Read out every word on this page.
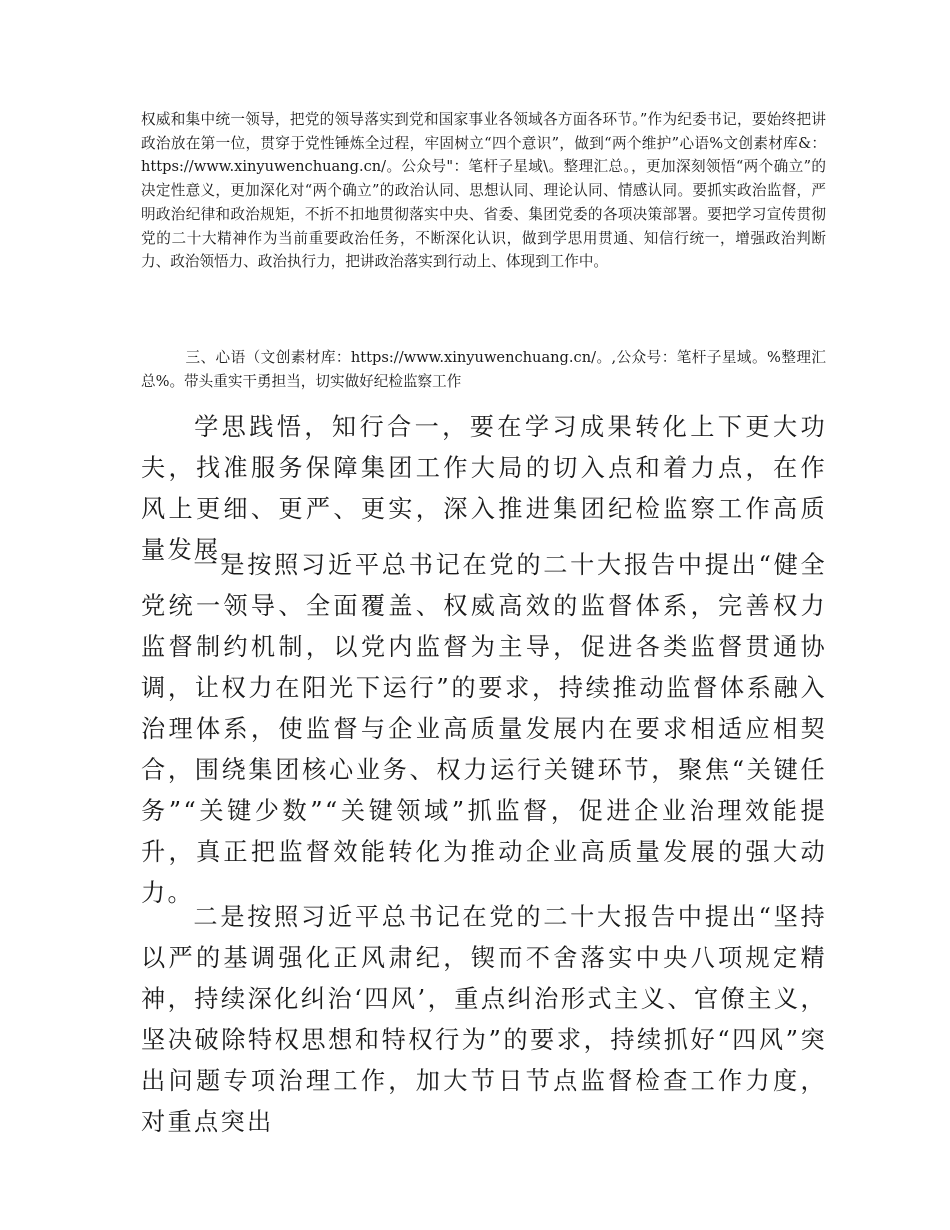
权威和集中统一领导，把党的领导落实到党和国家事业各领域各方面各环节。”作为纪委书记，要始终把讲政治放在第一位，贯穿于党性锤炼全过程，牢固树立“四个意识”，做到“两个维护”心语%文创素材库&：https://www.xinyuwenchuang.cn/。公众号"：笔杆子星域\。整理汇总。，更加深刻领悟“两个确立”的决定性意义，更加深化对“两个确立”的政治认同、思想认同、理论认同、情感认同。要抓实政治监督，严明政治纪律和政治规矩，不折不扣地贯彻落实中央、省委、集团党委的各项决策部署。要把学习宣传贯彻党的二十大精神作为当前重要政治任务，不断深化认识，做到学思用贯通、知信行统一，增强政治判断力、政治领悟力、政治执行力，把讲政治落实到行动上、体现到工作中。

三、心语（文创素材库：https://www.xinyuwenchuang.cn/。,公众号：笔杆子星域。%整理汇总%。带头重实干勇担当，切实做好纪检监察工作

学思践悟，知行合一，要在学习成果转化上下更大功夫，找准服务保障集团工作大局的切入点和着力点，在作风上更细、更严、更实，深入推进集团纪检监察工作高质量发展。

一是按照习近平总书记在党的二十大报告中提出“健全党统一领导、全面覆盖、权威高效的监督体系，完善权力监督制约机制，以党内监督为主导，促进各类监督贯通协调，让权力在阳光下运行”的要求，持续推动监督体系融入治理体系，使监督与企业高质量发展内在要求相适应相契合，围绕集团核心业务、权力运行关键环节，聚焦“关键任务”“关键少数”“关键领域”抓监督，促进企业治理效能提升，真正把监督效能转化为推动企业高质量发展的强大动力。

二是按照习近平总书记在党的二十大报告中提出“坚持以严的基调强化正风肃纪，锲而不舍落实中央八项规定精神，持续深化纠治‘四风’，重点纠治形式主义、官僚主义，坚决破除特权思想和特权行为”的要求，持续抓好“四风”突出问题专项治理工作，加大节日节点监督检查工作力度，对重点突出
